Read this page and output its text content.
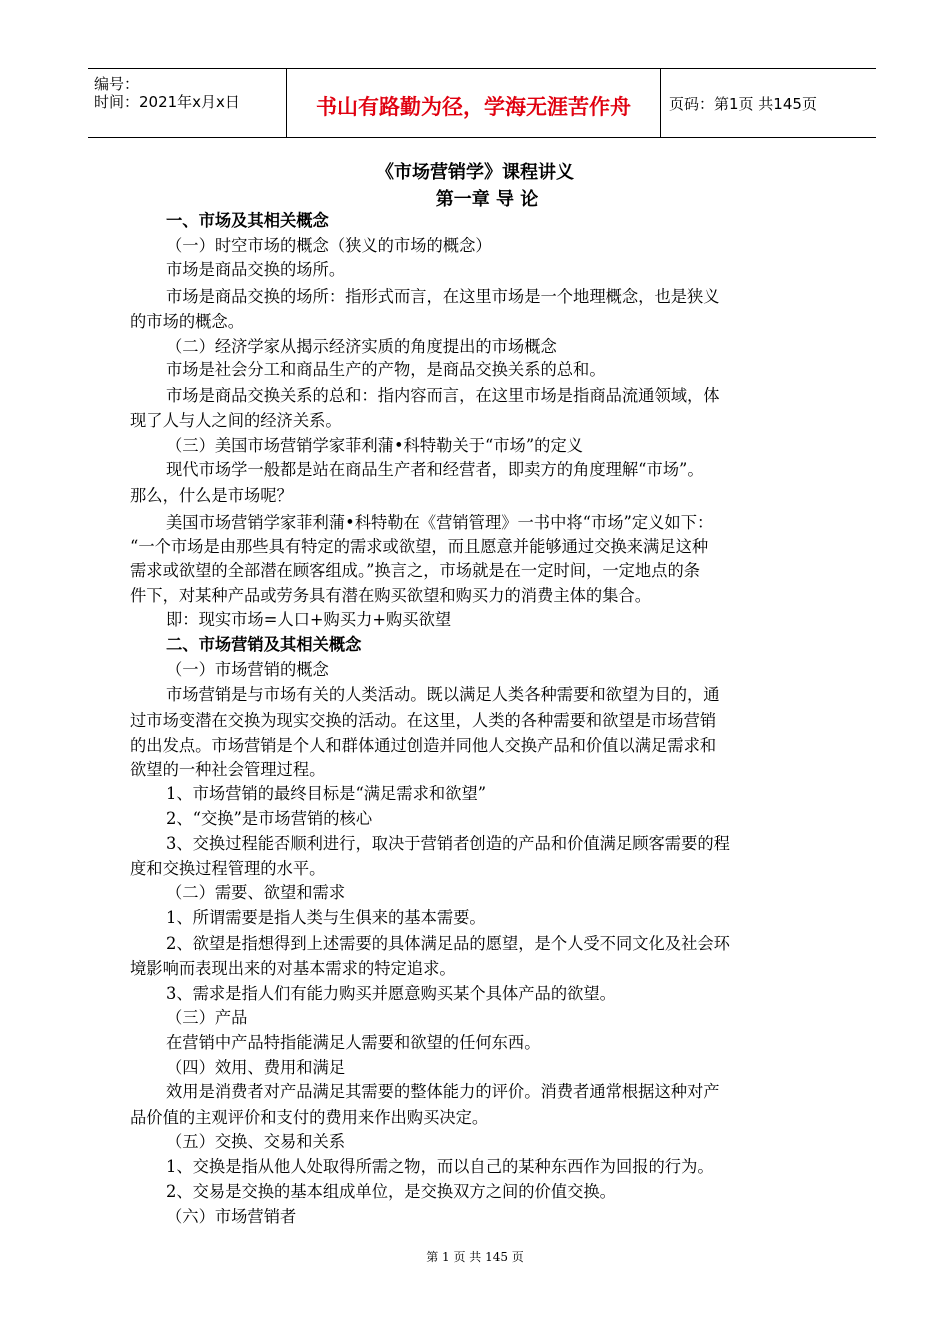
编号：
时间：2021年x月x日	书山有路勤为径，学海无涯苦作舟	页码：第1页 共145页
《市场营销学》课程讲义
第一章 导 论
一、市场及其相关概念
（一）时空市场的概念（狭义的市场的概念）
市场是商品交换的场所。
市场是商品交换的场所：指形式而言，在这里市场是一个地理概念，也是狭义
的市场的概念。
（二）经济学家从揭示经济实质的角度提出的市场概念
市场是社会分工和商品生产的产物，是商品交换关系的总和。
市场是商品交换关系的总和：指内容而言，在这里市场是指商品流通领域，体
现了人与人之间的经济关系。
（三）美国市场营销学家菲利蒲•科特勒关于“市场”的定义
现代市场学一般都是站在商品生产者和经营者，即卖方的角度理解“市场”。
那么，什么是市场呢？
美国市场营销学家菲利蒲•科特勒在《营销管理》一书中将“市场”定义如下：
“一个市场是由那些具有特定的需求或欲望，而且愿意并能够通过交换来满足这种
需求或欲望的全部潜在顾客组成。”换言之，市场就是在一定时间，一定地点的条
件下，对某种产品或劳务具有潜在购买欲望和购买力的消费主体的集合。
即：现实市场=人口+购买力+购买欲望
二、市场营销及其相关概念
（一）市场营销的概念
市场营销是与市场有关的人类活动。既以满足人类各种需要和欲望为目的，通
过市场变潜在交换为现实交换的活动。在这里，人类的各种需要和欲望是市场营销
的出发点。市场营销是个人和群体通过创造并同他人交换产品和价值以满足需求和
欲望的一种社会管理过程。
1、市场营销的最终目标是“满足需求和欲望”
2、“交换”是市场营销的核心
3、交换过程能否顺利进行，取决于营销者创造的产品和价值满足顾客需要的程
度和交换过程管理的水平。
（二）需要、欲望和需求
1、所谓需要是指人类与生俱来的基本需要。
2、欲望是指想得到上述需要的具体满足品的愿望，是个人受不同文化及社会环
境影响而表现出来的对基本需求的特定追求。
3、需求是指人们有能力购买并愿意购买某个具体产品的欲望。
（三）产品
在营销中产品特指能满足人需要和欲望的任何东西。
（四）效用、费用和满足
效用是消费者对产品满足其需要的整体能力的评价。消费者通常根据这种对产
品价值的主观评价和支付的费用来作出购买决定。
（五）交换、交易和关系
1、交换是指从他人处取得所需之物，而以自己的某种东西作为回报的行为。
2、交易是交换的基本组成单位，是交换双方之间的价值交换。
（六）市场营销者
第 1 页 共 145 页
